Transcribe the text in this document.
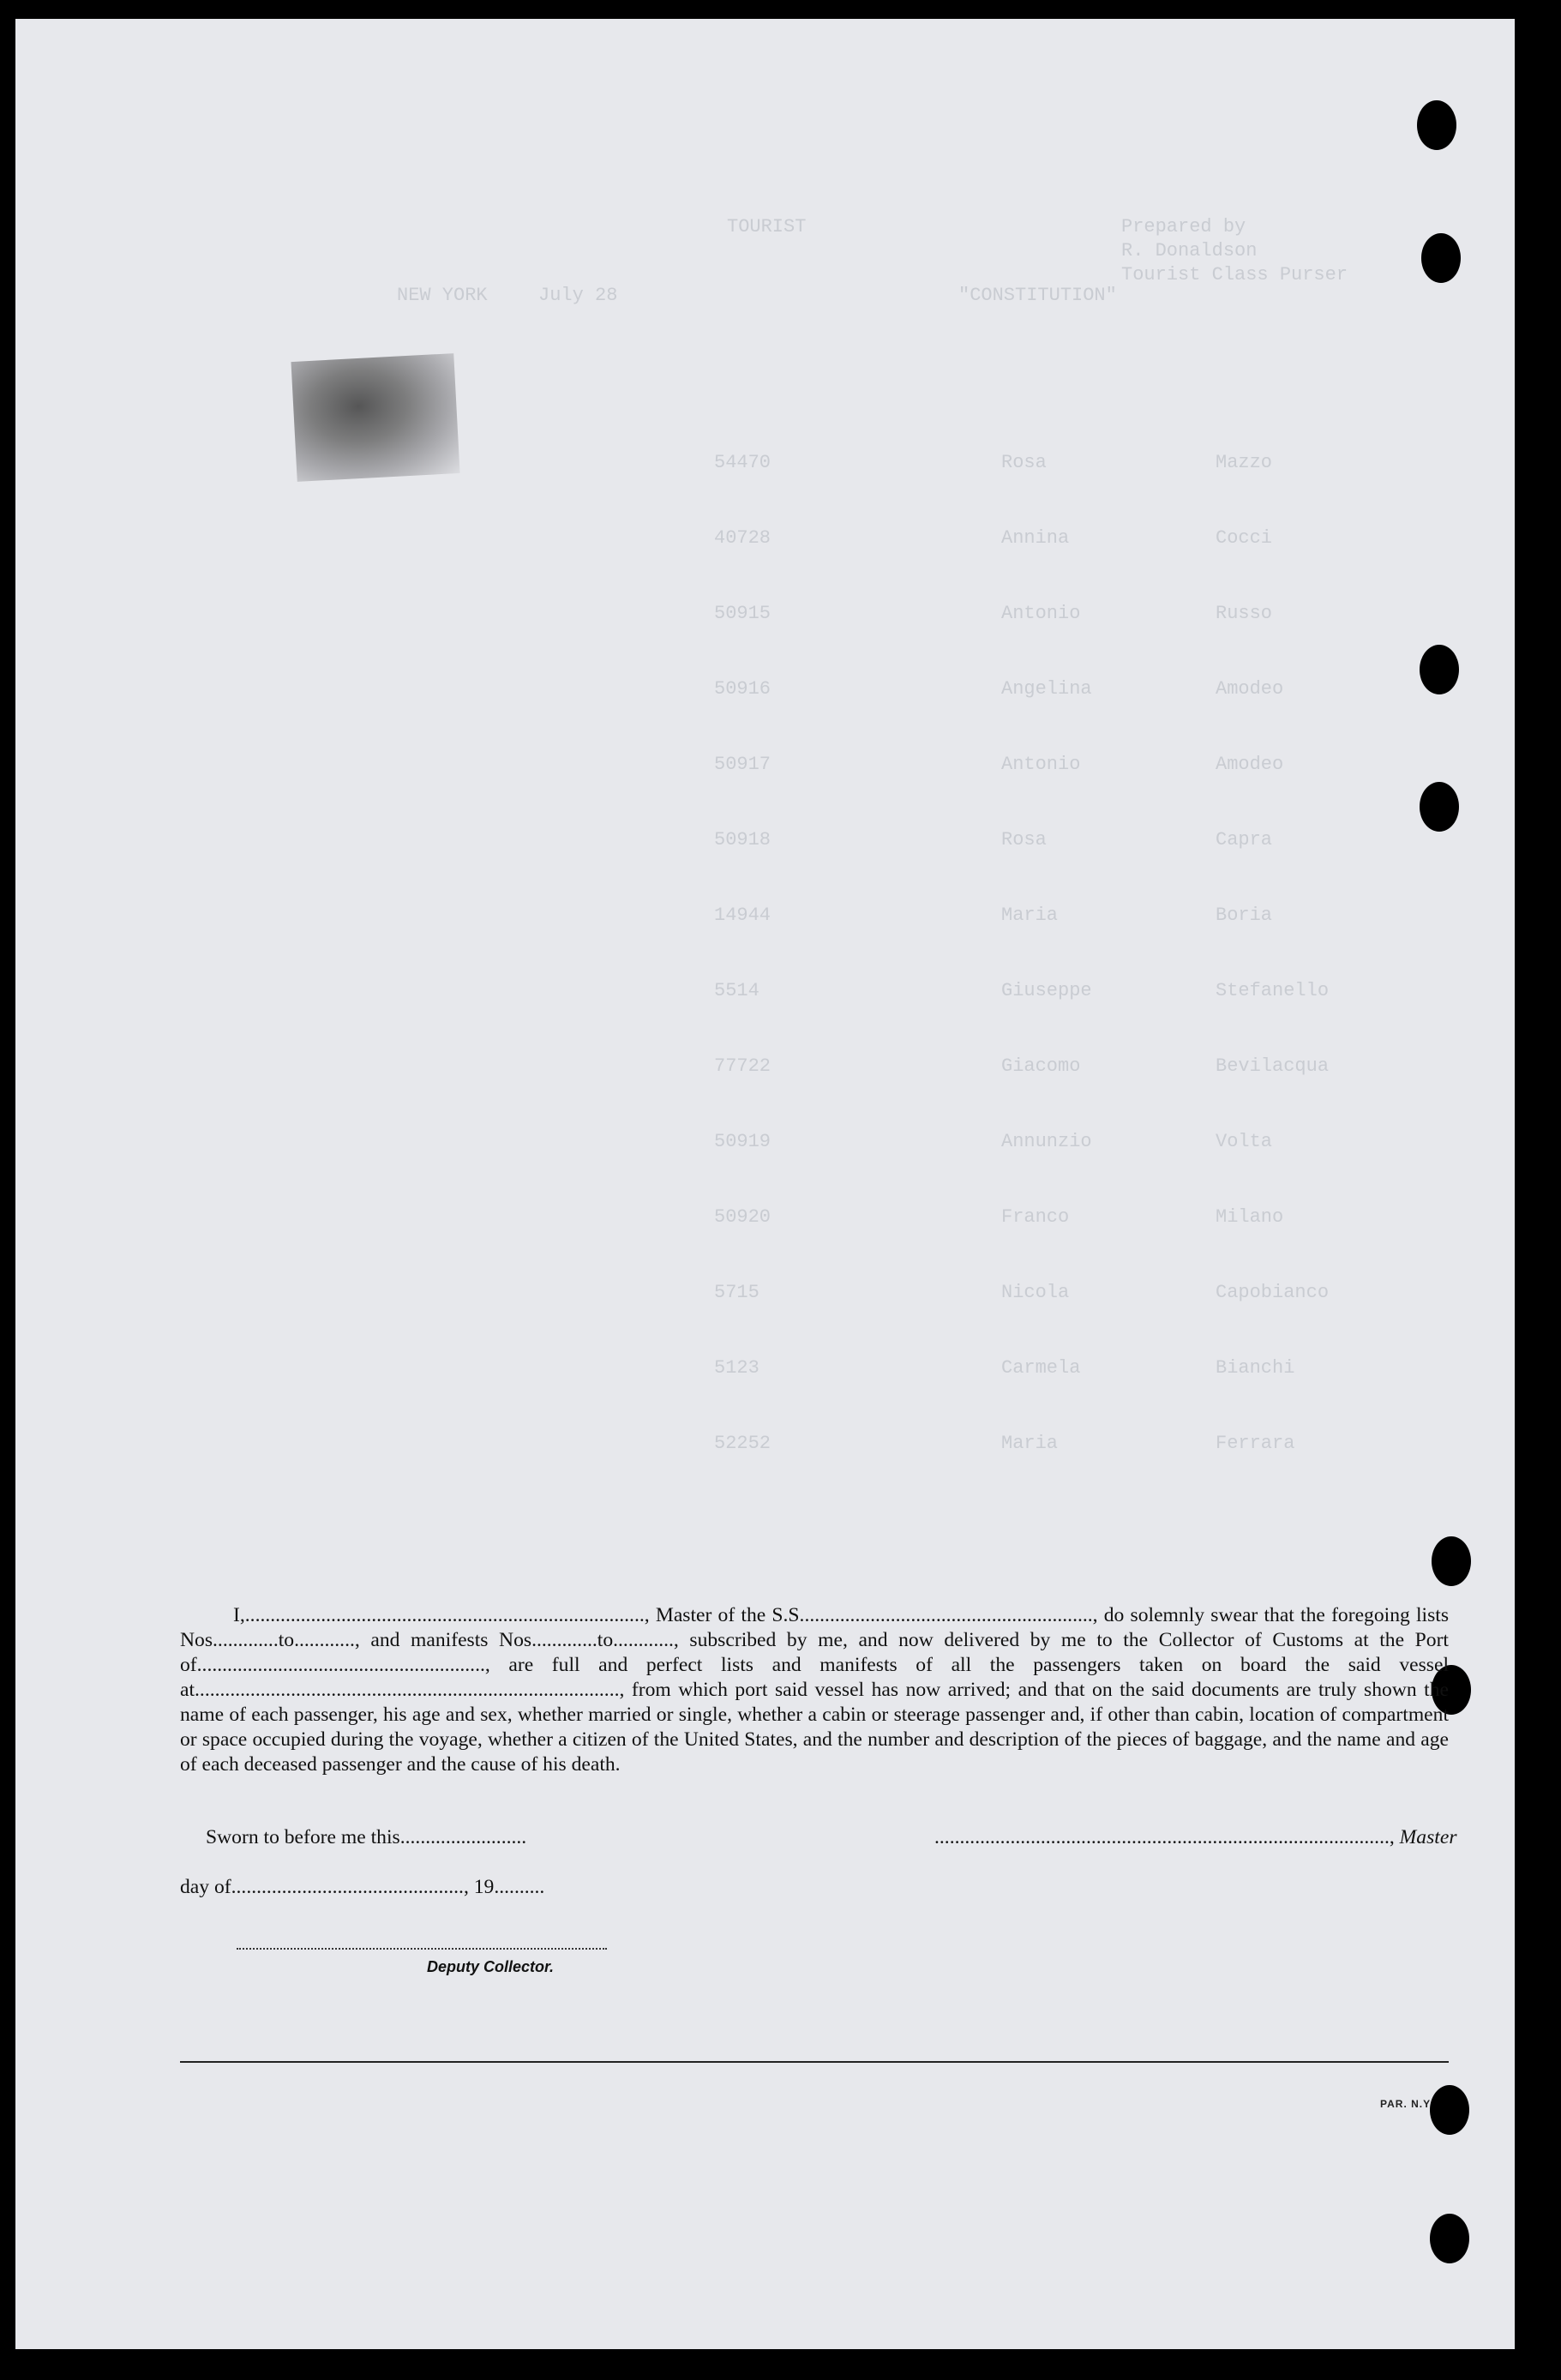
TOURIST
NEW YORK	July 28
Prepared by
R. Donaldson
Tourist Class Purser
"CONSTITUTION"
54470	Rosa	Mazzo
40728	Annina	Cocci
50915	Antonio	Russo
50916	Angelina	Amodeo
50917	Antonio	Amodeo
50918	Rosa	Capra
14944	Maria	Boria
5514	Giuseppe	Stefanello
77722	Giacomo	Bevilacqua
50919	Annunzio	Volta
50920	Franco	Milano
5715	Nicola	Capobianco
5123	Carmela	Bianchi
52252	Maria	Ferrara
I,..............................................................................., Master of the S.S.........................................................., do solemnly swear that the foregoing lists Nos.............to............, and manifests Nos.............to............, subscribed by me, and now delivered by me to the Collector of Customs at the Port of........................................................., are full and perfect lists and manifests of all the passengers taken on board the said vessel at...................................................................................., from which port said vessel has now arrived; and that on the said documents are truly shown the name of each passenger, his age and sex, whether married or single, whether a cabin or steerage passenger and, if other than cabin, location of compartment or space occupied during the voyage, whether a citizen of the United States, and the number and description of the pieces of baggage, and the name and age of each deceased passenger and the cause of his death.
Sworn to before me this.........................	.........................................................................................., Master
day of.............................................., 19..........
Deputy Collector.
PAR. N.Y
